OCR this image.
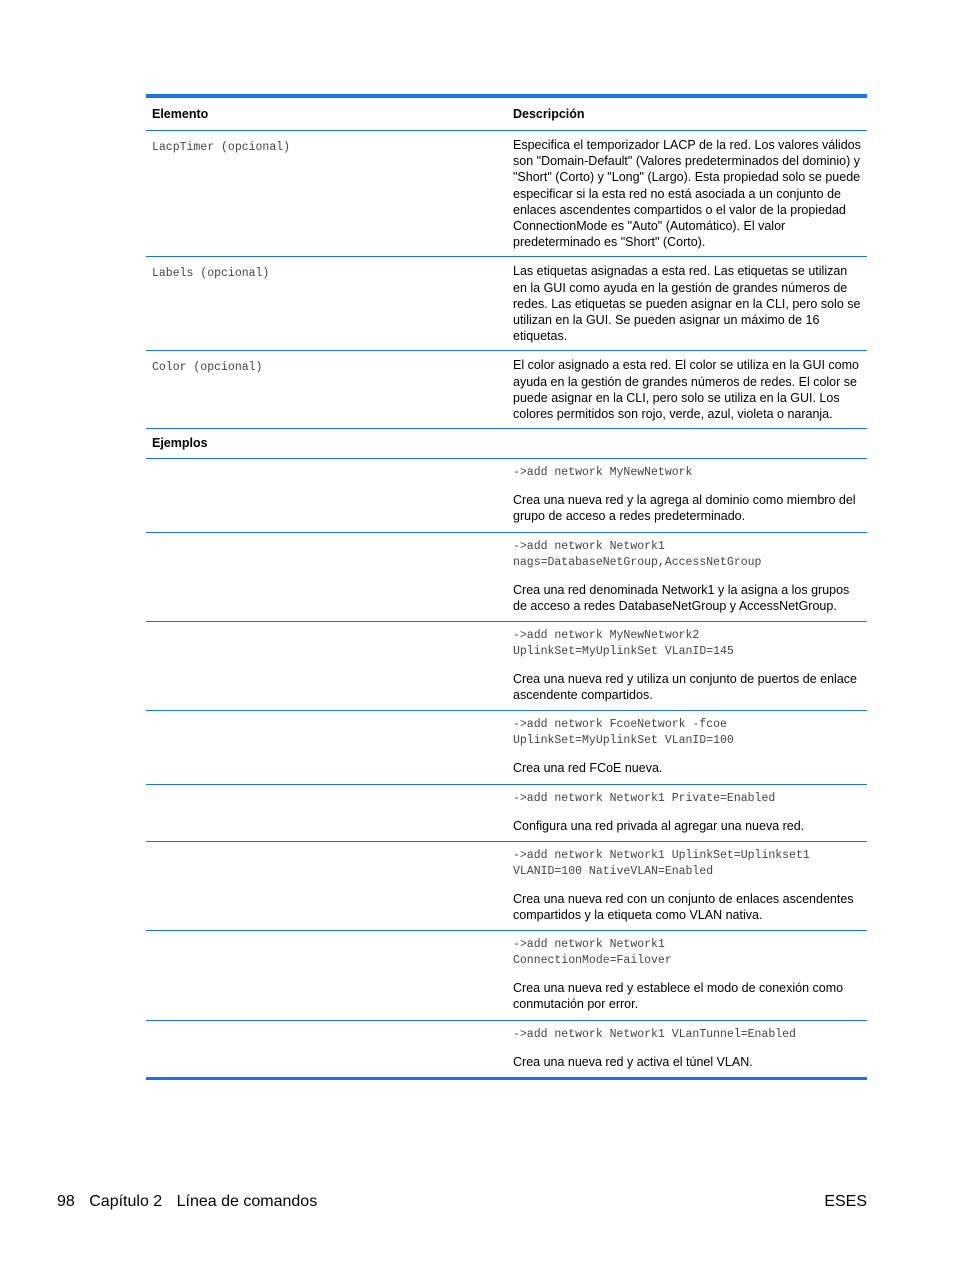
Elemento	Descripción
LacpTimer (opcional)	Especifica el temporizador LACP de la red. Los valores válidos son "Domain-Default" (Valores predeterminados del dominio) y "Short" (Corto) y "Long" (Largo). Esta propiedad solo se puede especificar si la esta red no está asociada a un conjunto de enlaces ascendentes compartidos o el valor de la propiedad ConnectionMode es "Auto" (Automático). El valor predeterminado es "Short" (Corto).
Labels (opcional)	Las etiquetas asignadas a esta red. Las etiquetas se utilizan en la GUI como ayuda en la gestión de grandes números de redes. Las etiquetas se pueden asignar en la CLI, pero solo se utilizan en la GUI. Se pueden asignar un máximo de 16 etiquetas.
Color (opcional)	El color asignado a esta red. El color se utiliza en la GUI como ayuda en la gestión de grandes números de redes. El color se puede asignar en la CLI, pero solo se utiliza en la GUI. Los colores permitidos son rojo, verde, azul, violeta o naranja.
Ejemplos
->add network MyNewNetwork
Crea una nueva red y la agrega al dominio como miembro del grupo de acceso a redes predeterminado.
->add network Network1
nags=DatabaseNetGroup,AccessNetGroup
Crea una red denominada Network1 y la asigna a los grupos de acceso a redes DatabaseNetGroup y AccessNetGroup.
->add network MyNewNetwork2
UplinkSet=MyUplinkSet VLanID=145
Crea una nueva red y utiliza un conjunto de puertos de enlace ascendente compartidos.
->add network FcoeNetwork -fcoe
UplinkSet=MyUplinkSet VLanID=100
Crea una red FCoE nueva.
->add network Network1 Private=Enabled
Configura una red privada al agregar una nueva red.
->add network Network1 UplinkSet=Uplinkset1
VLANID=100 NativeVLAN=Enabled
Crea una nueva red con un conjunto de enlaces ascendentes compartidos y la etiqueta como VLAN nativa.
->add network Network1
ConnectionMode=Failover
Crea una nueva red y establece el modo de conexión como conmutación por error.
->add network Network1 VLanTunnel=Enabled
Crea una nueva red y activa el túnel VLAN.
98 Capítulo 2 Línea de comandos	ESES
